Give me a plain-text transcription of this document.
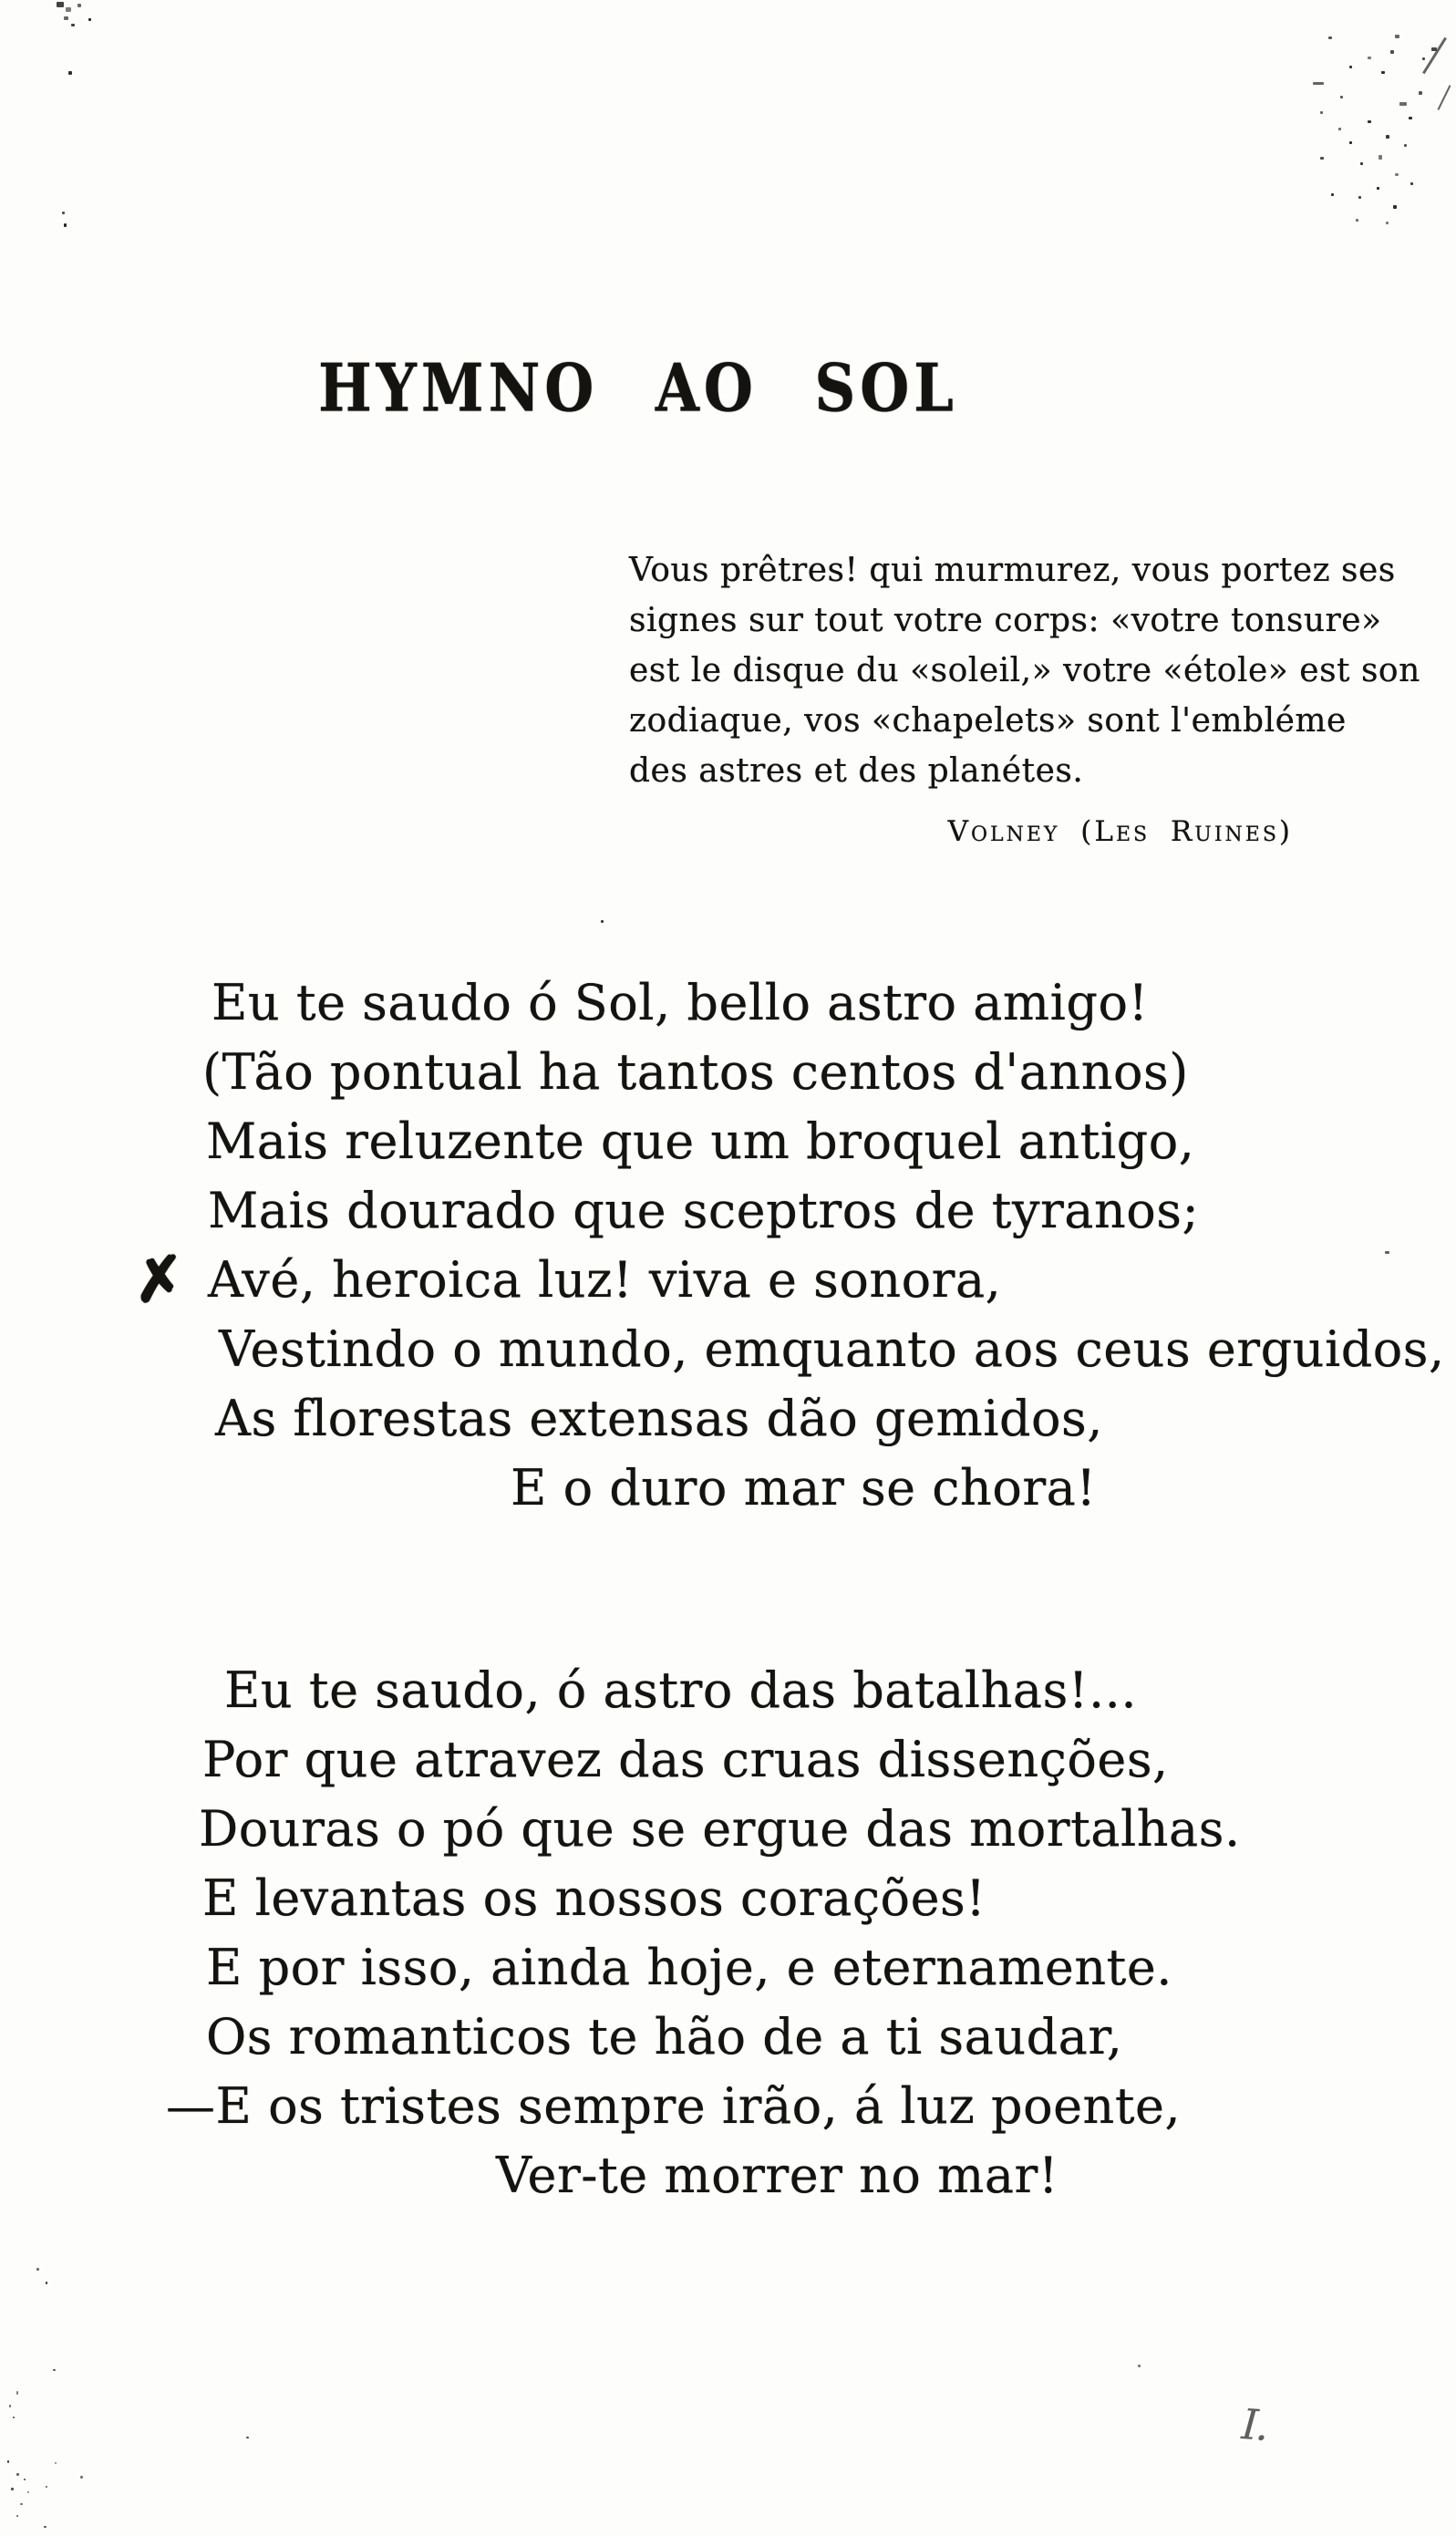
HYMNO AO SOL
Vous prêtres! qui murmurez, vous portez ses
signes sur tout votre corps: «votre tonsure»
est le disque du «soleil,» votre «étole» est son
zodiaque, vos «chapelets» sont l'embléme
des astres et des planétes.
Volney (Les Ruines)
Eu te saudo ó Sol, bello astro amigo!
(Tão pontual ha tantos centos d'annos)
Mais reluzente que um broquel antigo,
Mais dourado que sceptros de tyranos;
✗ Avé, heroica luz! viva e sonora,
Vestindo o mundo, emquanto aos ceus erguidos,
As florestas extensas dão gemidos,
E o duro mar se chora!
Eu te saudo, ó astro das batalhas!...
Por que atravez das cruas dissenções,
Douras o pó que se ergue das mortalhas.
E levantas os nossos corações!
E por isso, ainda hoje, e eternamente.
Os romanticos te hão de a ti saudar,
—E os tristes sempre irão, á luz poente,
Ver-te morrer no mar!
I.
